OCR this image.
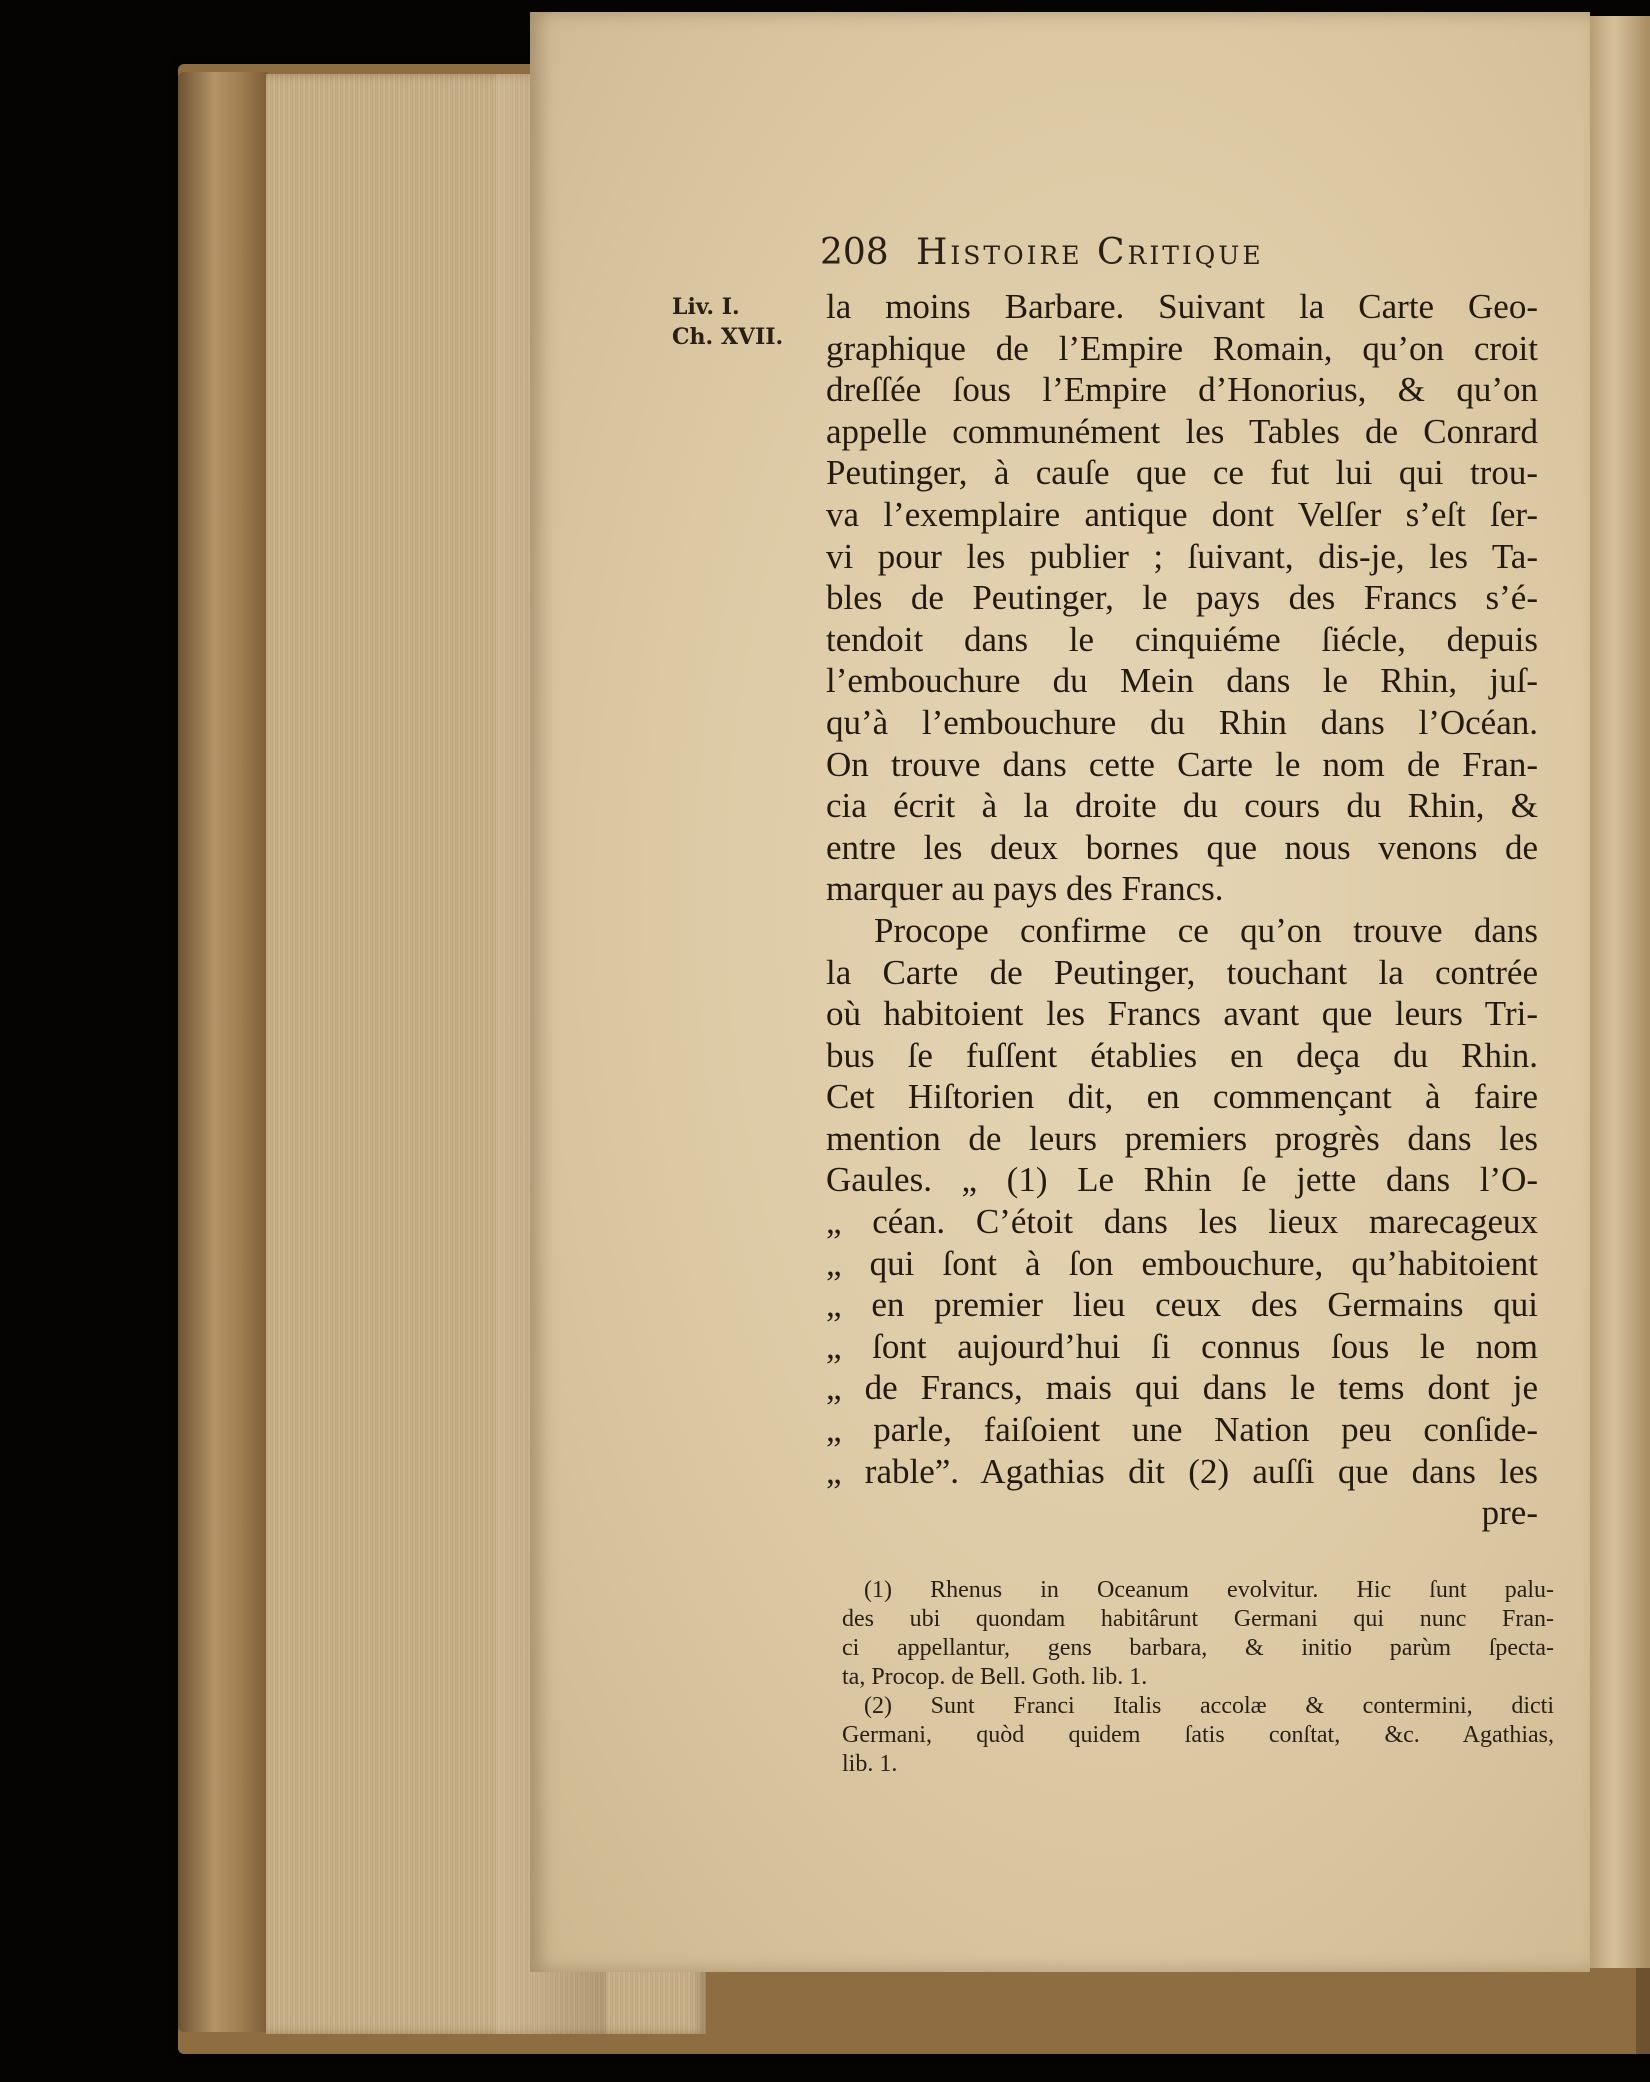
208 Histoire Critique
Liv. I.
Ch. XVII.
la moins Barbare. Suivant la Carte Geo-
graphique de l’Empire Romain, qu’on croit
dreſſée ſous l’Empire d’Honorius, & qu’on
appelle communément les Tables de Conrard
Peutinger, à cauſe que ce fut lui qui trou-
va l’exemplaire antique dont Velſer s’eſt ſer-
vi pour les publier ; ſuivant, dis-je, les Ta-
bles de Peutinger, le pays des Francs s’é-
tendoit dans le cinquiéme ſiécle, depuis
l’embouchure du Mein dans le Rhin, juſ-
qu’à l’embouchure du Rhin dans l’Océan.
On trouve dans cette Carte le nom de Fran-
cia écrit à la droite du cours du Rhin, &
entre les deux bornes que nous venons de
marquer au pays des Francs.
Procope confirme ce qu’on trouve dans
la Carte de Peutinger, touchant la contrée
où habitoient les Francs avant que leurs Tri-
bus ſe fuſſent établies en deça du Rhin.
Cet Hiſtorien dit, en commençant à faire
mention de leurs premiers progrès dans les
Gaules. „ (1) Le Rhin ſe jette dans l’O-
„ céan. C’étoit dans les lieux marecageux
„ qui ſont à ſon embouchure, qu’habitoient
„ en premier lieu ceux des Germains qui
„ ſont aujourd’hui ſi connus ſous le nom
„ de Francs, mais qui dans le tems dont je
„ parle, faiſoient une Nation peu conſide-
„ rable”. Agathias dit (2) auſſi que dans les
pre-
(1) Rhenus in Oceanum evolvitur. Hic ſunt palu-
des ubi quondam habitârunt Germani qui nunc Fran-
ci appellantur, gens barbara, & initio parùm ſpecta-
ta, Procop. de Bell. Goth. lib. 1.
(2) Sunt Franci Italis accolæ & contermini, dicti
Germani, quòd quidem ſatis conſtat, &c. Agathias,
lib. 1.
